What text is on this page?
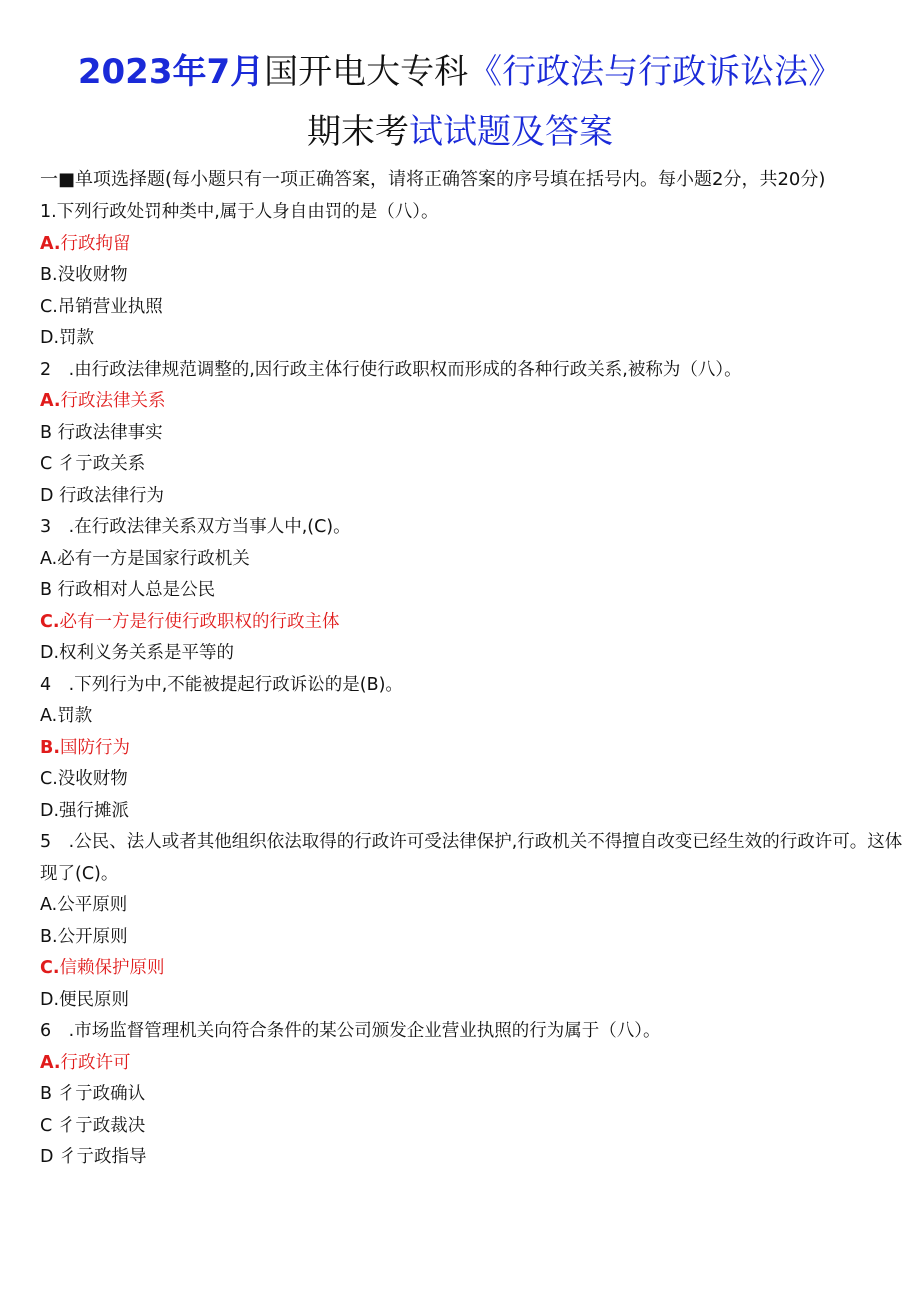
2023年7月国开电大专科《行政法与行政诉讼法》
期末考试试题及答案
一■单项选择题(每小题只有一项正确答案，请将正确答案的序号填在括号内。每小题2分，共20分)
1.下列行政处罚种类中,属于人身自由罚的是（八）。
A.行政拘留
B.没收财物
C.吊销营业执照
D.罚款
2　.由行政法律规范调整的,因行政主体行使行政职权而形成的各种行政关系,被称为（八）。
A.行政法律关系
B 行政法律事实
C 彳亍政关系
D 行政法律行为
3　.在行政法律关系双方当事人中,(C)。
A.必有一方是国家行政机关
B 行政相对人总是公民
C.必有一方是行使行政职权的行政主体
D.权利义务关系是平等的
4　.下列行为中,不能被提起行政诉讼的是(B)。
A.罚款
B.国防行为
C.没收财物
D.强行摊派
5　.公民、法人或者其他组织依法取得的行政许可受法律保护,行政机关不得擅自改变已经生效的行政许可。这体现了(C)。
A.公平原则
B.公开原则
C.信赖保护原则
D.便民原则
6　.市场监督管理机关向符合条件的某公司颁发企业营业执照的行为属于（八）。
A.行政许可
B 彳亍政确认
C 彳亍政裁决
D 彳亍政指导
